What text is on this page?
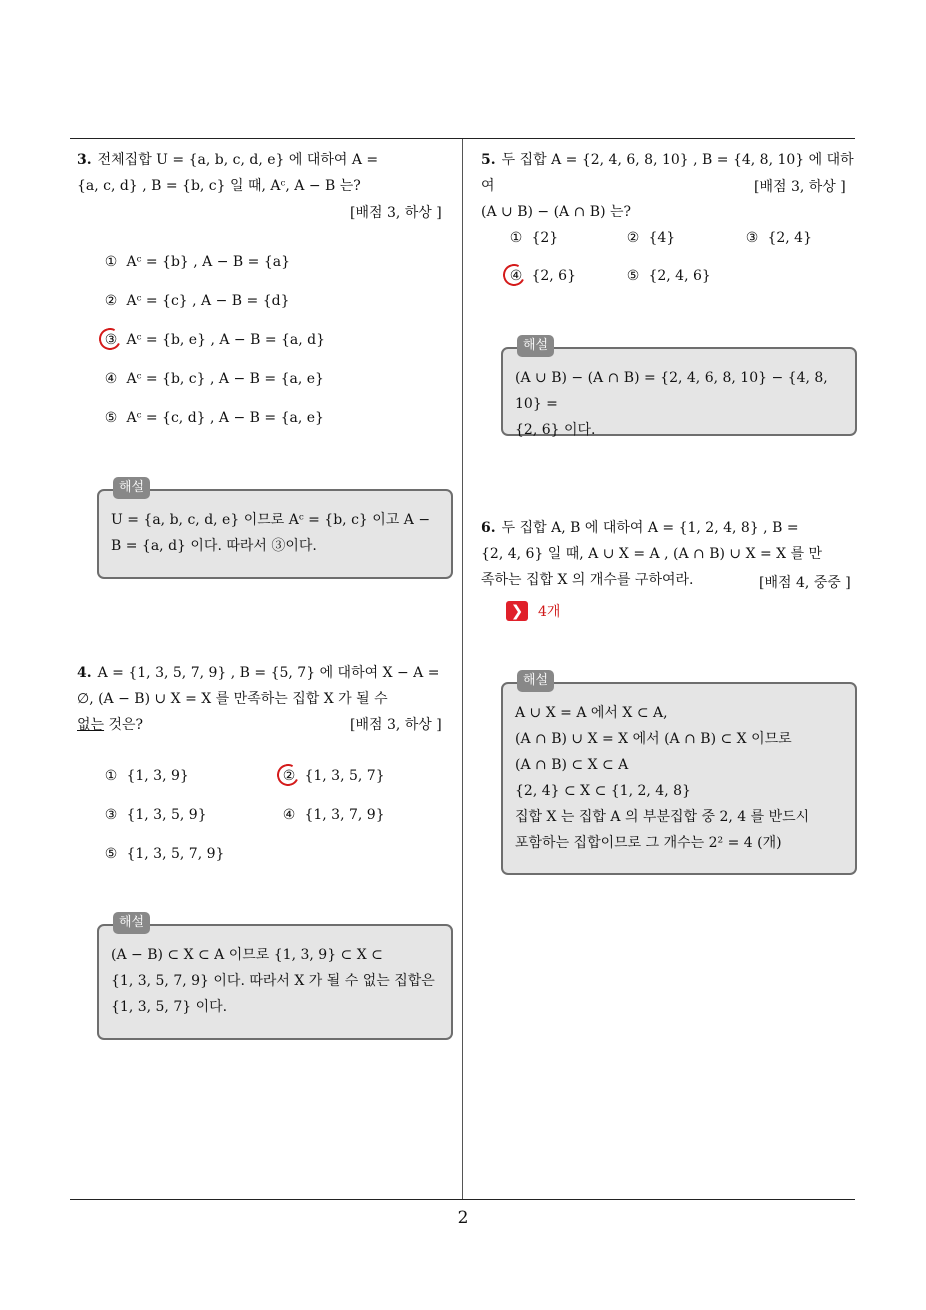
3. 전체집합 U = {a, b, c, d, e} 에 대하여 A =
{a, c, d} , B = {b, c} 일 때, Aᶜ, A − B 는?
[배점 3, 하상 ]
① Aᶜ = {b} , A − B = {a}
② Aᶜ = {c} , A − B = {d}
③ Aᶜ = {b, e} , A − B = {a, d}
④ Aᶜ = {b, c} , A − B = {a, e}
⑤ Aᶜ = {c, d} , A − B = {a, e}
해설
U = {a, b, c, d, e} 이므로 Aᶜ = {b, c} 이고 A −
B = {a, d} 이다. 따라서 ③이다.
4. A = {1, 3, 5, 7, 9} , B = {5, 7} 에 대하여 X − A =
∅, (A − B) ∪ X = X 를 만족하는 집합 X 가 될 수
없는 것은?	[배점 3, 하상 ]
① {1, 3, 9}	② {1, 3, 5, 7}
③ {1, 3, 5, 9}	④ {1, 3, 7, 9}
⑤ {1, 3, 5, 7, 9}
해설
(A − B) ⊂ X ⊂ A 이므로 {1, 3, 9} ⊂ X ⊂
{1, 3, 5, 7, 9} 이다. 따라서 X 가 될 수 없는 집합은
{1, 3, 5, 7} 이다.
5. 두 집합 A = {2, 4, 6, 8, 10} , B = {4, 8, 10} 에 대하여
(A ∪ B) − (A ∩ B) 는?
[배점 3, 하상 ]
① {2}	② {4}	③ {2, 4}
④ {2, 6}	⑤ {2, 4, 6}
해설
(A ∪ B) − (A ∩ B) = {2, 4, 6, 8, 10} − {4, 8, 10} =
{2, 6} 이다.
6. 두 집합 A, B 에 대하여 A = {1, 2, 4, 8} , B =
{2, 4, 6} 일 때, A ∪ X = A , (A ∩ B) ∪ X = X 를 만
족하는 집합 X 의 개수를 구하여라.	[배점 4, 중중 ]
❯	4개
해설
A ∪ X = A 에서 X ⊂ A,
(A ∩ B) ∪ X = X 에서 (A ∩ B) ⊂ X 이므로
(A ∩ B) ⊂ X ⊂ A
{2, 4} ⊂ X ⊂ {1, 2, 4, 8}
집합 X 는 집합 A 의 부분집합 중 2, 4 를 반드시
포함하는 집합이므로 그 개수는 2² = 4 (개)
2
